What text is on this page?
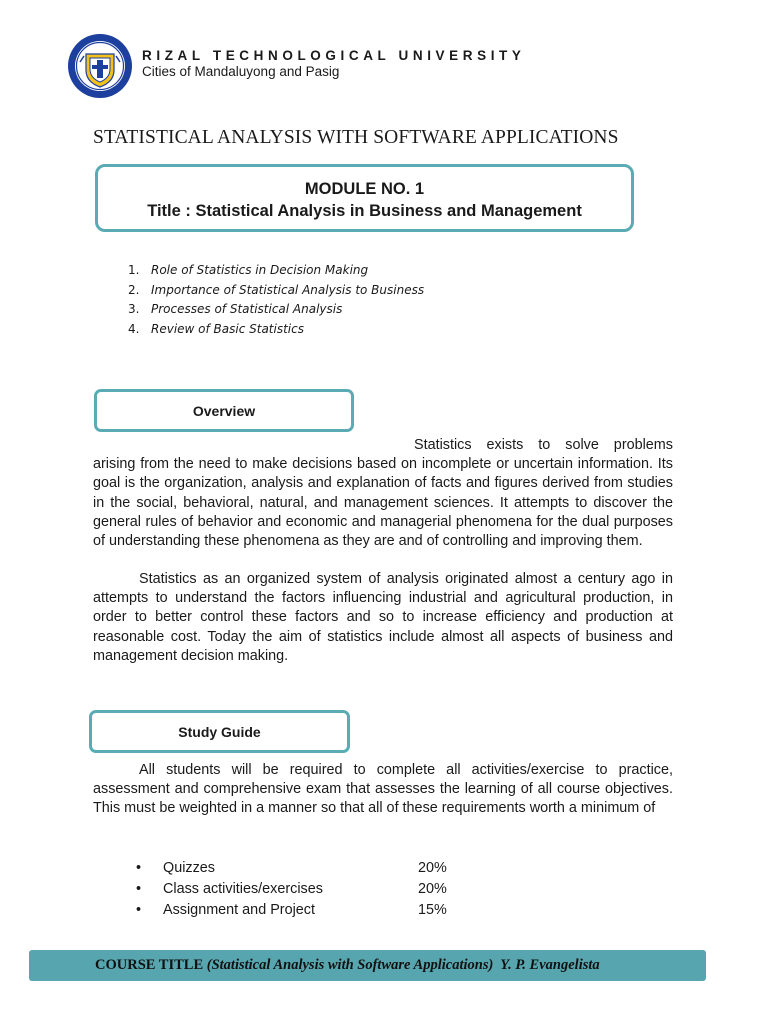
RIZAL TECHNOLOGICAL UNIVERSITY
Cities of Mandaluyong and Pasig
STATISTICAL ANALYSIS WITH SOFTWARE APPLICATIONS
MODULE NO. 1
Title : Statistical Analysis in Business and Management
1. Role of Statistics in Decision Making
2. Importance of Statistical Analysis to Business
3. Processes of Statistical Analysis
4. Review of Basic Statistics
Overview

Statistics exists to solve problems arising from the need to make decisions based on incomplete or uncertain information. Its goal is the organization, analysis and explanation of facts and figures derived from studies in the social, behavioral, natural, and management sciences. It attempts to discover the general rules of behavior and economic and managerial phenomena for the dual purposes of understanding these phenomena as they are and of controlling and improving them.

Statistics as an organized system of analysis originated almost a century ago in attempts to understand the factors influencing industrial and agricultural production, in order to better control these factors and so to increase efficiency and production at reasonable cost. Today the aim of statistics include almost all aspects of business and management decision making.

Study Guide

All students will be required to complete all activities/exercise to practice, assessment and comprehensive exam that assesses the learning of all course objectives. This must be weighted in a manner so that all of these requirements worth a minimum of

•	Quizzes	20%
•	Class activities/exercises	20%
•	Assignment and Project	15%
COURSE TITLE (Statistical Analysis with Software Applications)  Y. P. Evangelista
